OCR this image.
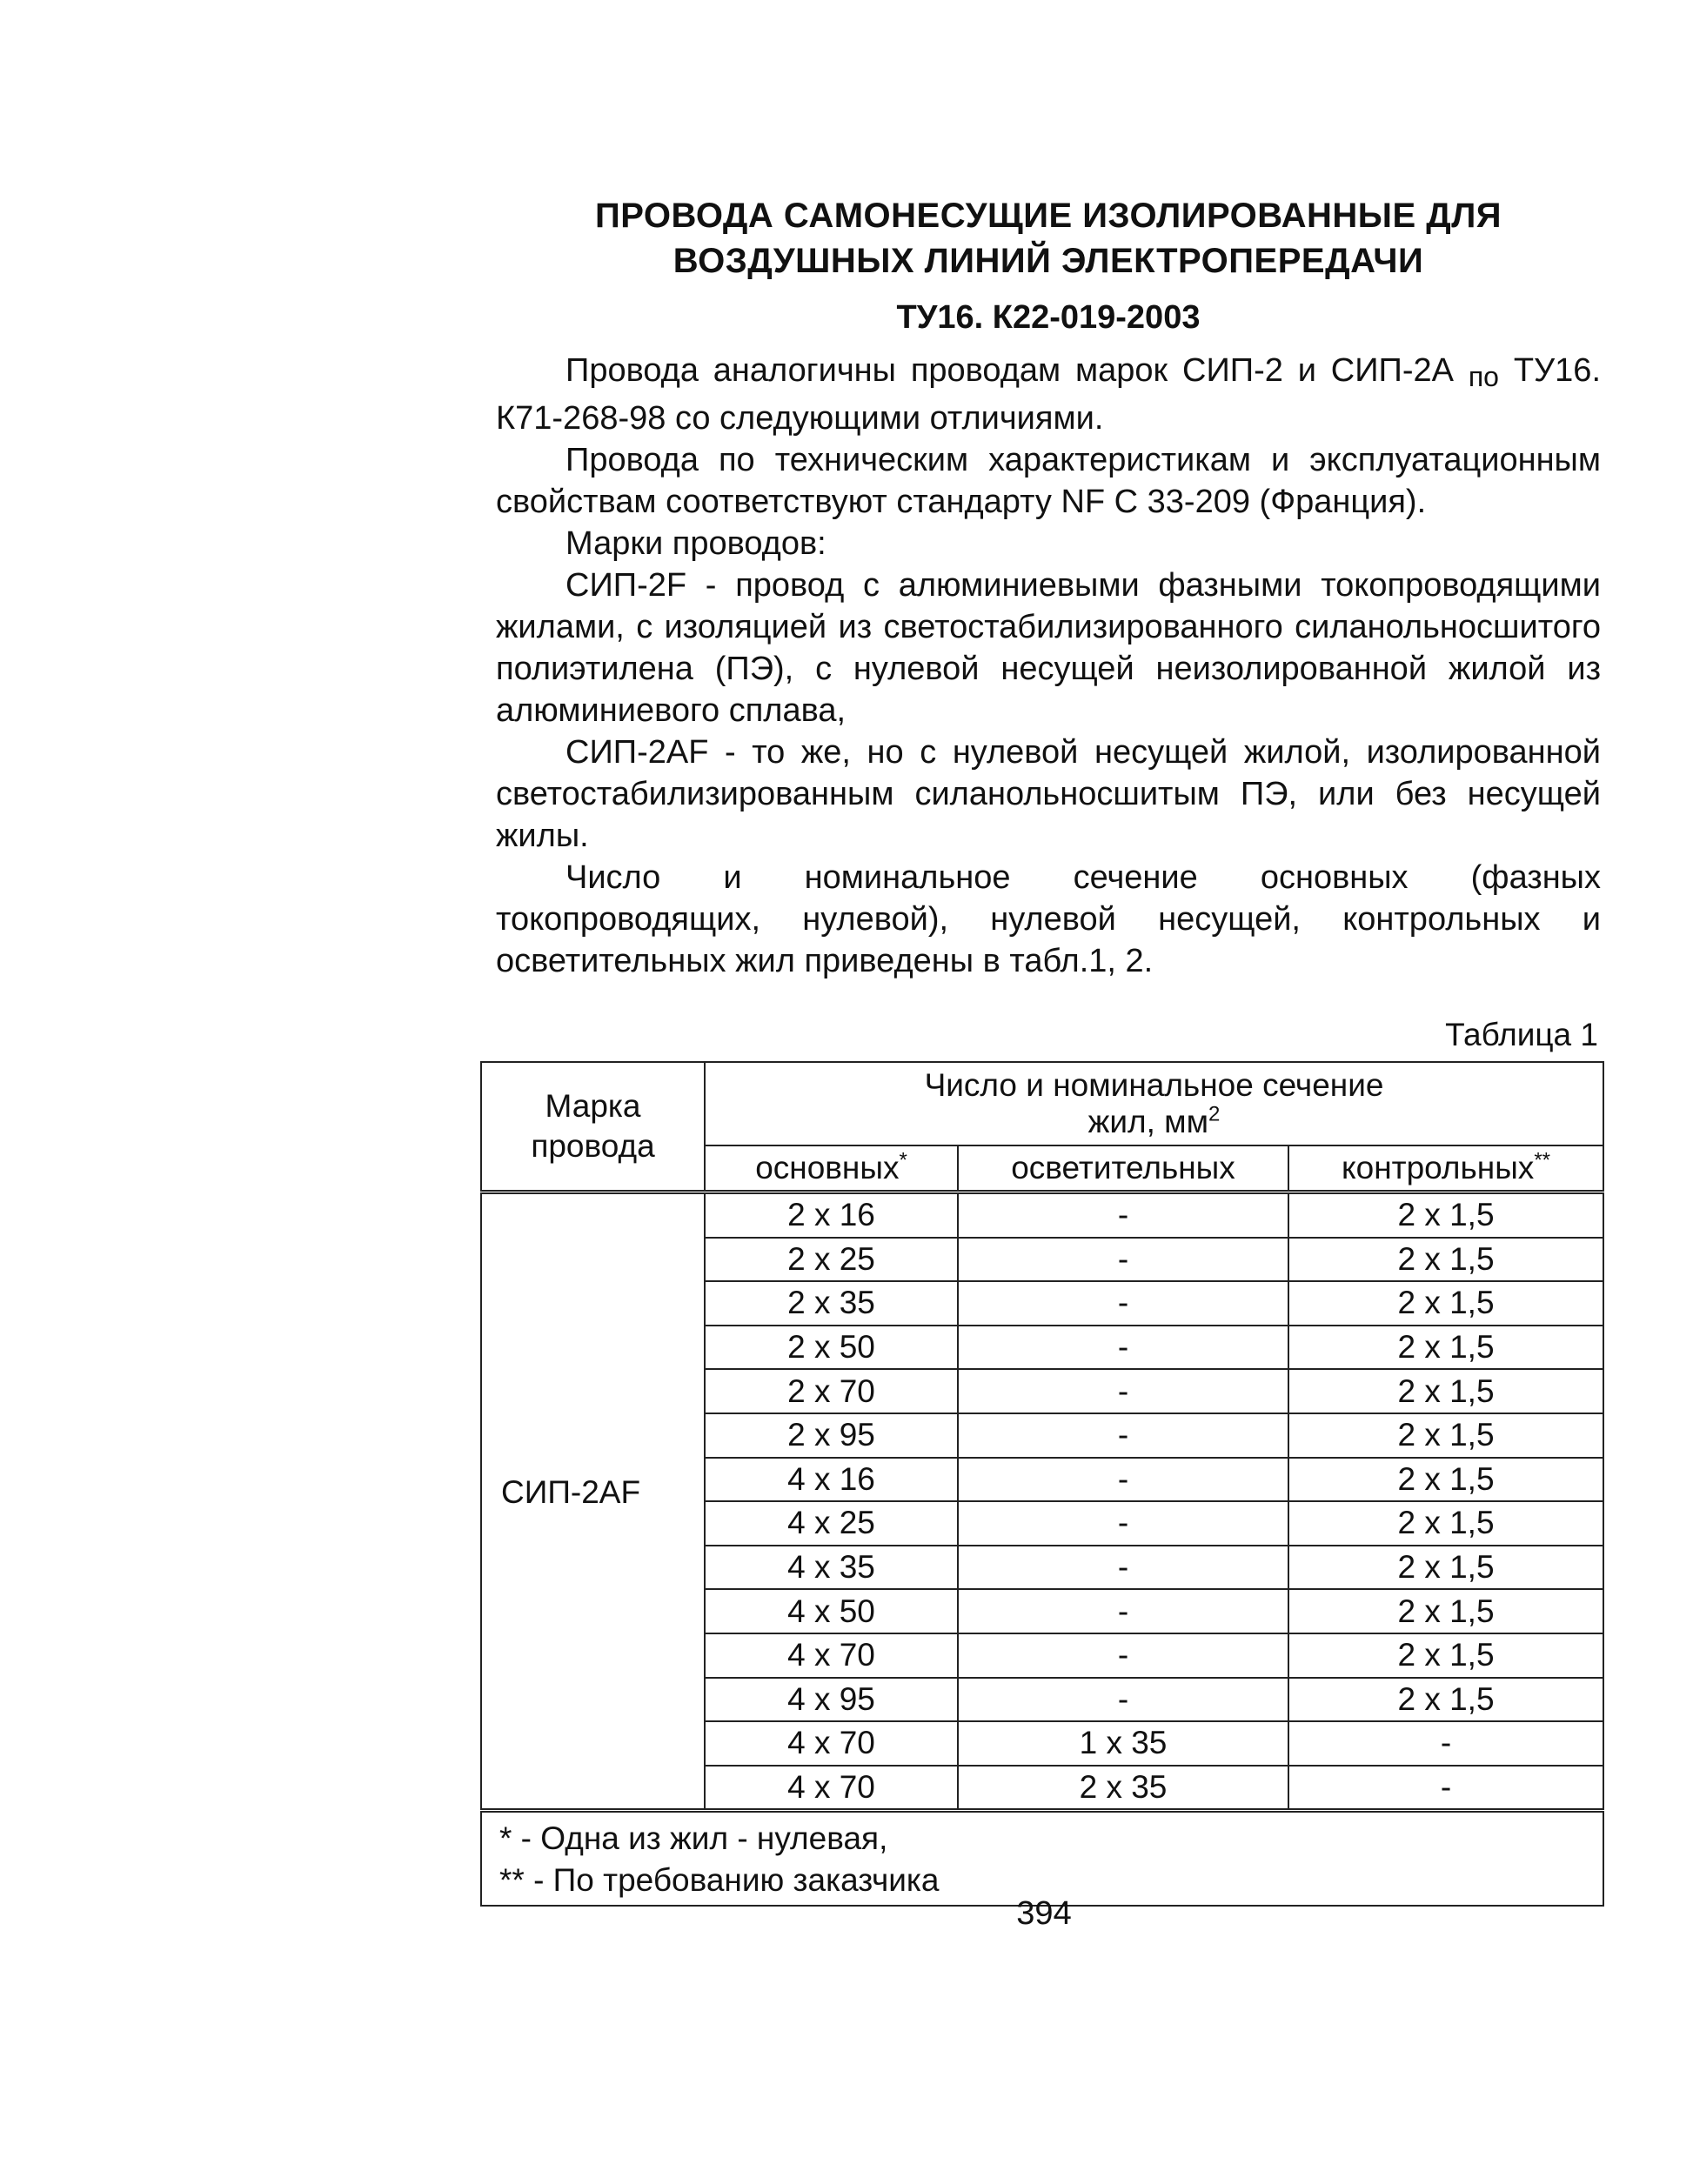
ПРОВОДА САМОНЕСУЩИЕ ИЗОЛИРОВАННЫЕ ДЛЯ
ВОЗДУШНЫХ ЛИНИЙ ЭЛЕКТРОПЕРЕДАЧИ
ТУ16. К22-019-2003

Провода аналогичны проводам марок СИП-2 и СИП-2А по ТУ16. К71-268-98 со следующими отличиями.

Провода по техническим характеристикам и эксплуатационным свойствам соответствуют стандарту NF C 33-209 (Франция).

Марки проводов:

СИП-2F - провод с алюминиевыми фазными токопроводящими жилами, с изоляцией из светостабилизированного силанольносшитого полиэтилена (ПЭ), с нулевой несущей неизолированной жилой из алюминиевого сплава,

СИП-2AF - то же, но с нулевой несущей жилой, изолированной светостабилизированным силанольносшитым ПЭ, или без несущей жилы.

Число и номинальное сечение основных (фазных токопроводящих, нулевой), нулевой несущей, контрольных и осветительных жил приведены в табл.1, 2.

Таблица 1
Марка
провода	Число и номинальное сечение
жил, $мм^2$
	основных*	осветительных	контрольных**
СИП-2AF	2 x 16	-	2 x 1,5
	2 x 25	-	2 x 1,5
	2 x 35	-	2 x 1,5
	2 x 50	-	2 x 1,5
	2 x 70	-	2 x 1,5
	2 x 95	-	2 x 1,5
	4 x 16	-	2 x 1,5
	4 x 25	-	2 x 1,5
	4 x 35	-	2 x 1,5
	4 x 50	-	2 x 1,5
	4 x 70	-	2 x 1,5
	4 x 95	-	2 x 1,5
	4 x 70	1 x 35	-
	4 x 70	2 x 35	-

* - Одна из жил - нулевая,
** - По требованию заказчика			
394
